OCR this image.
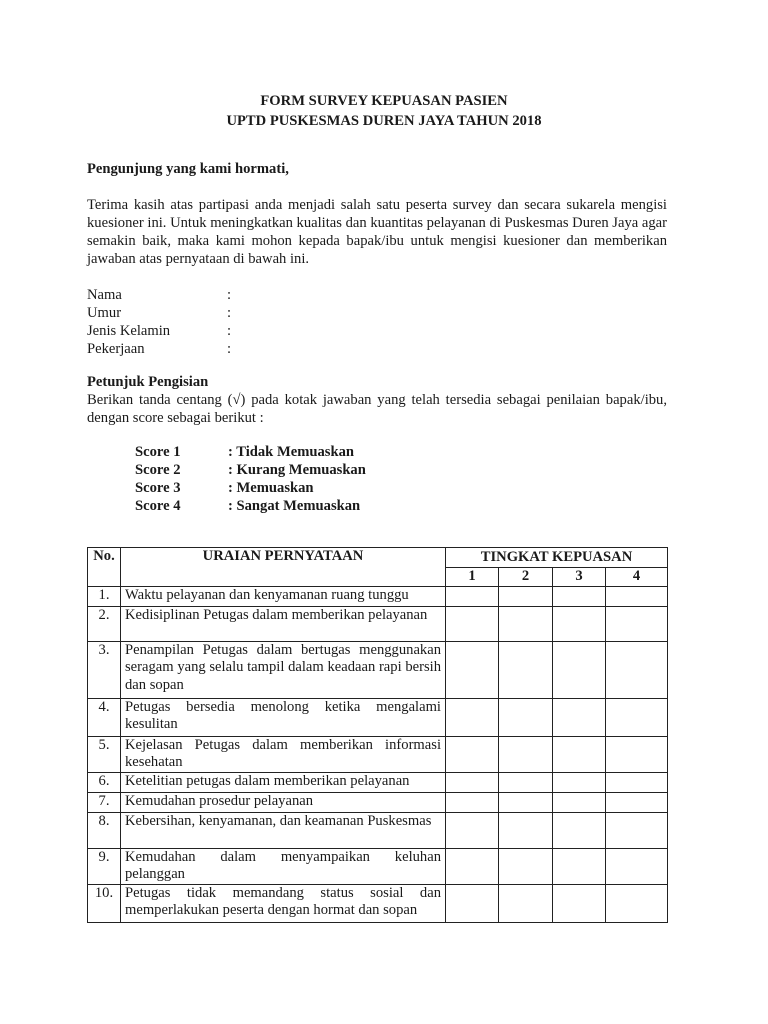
FORM SURVEY KEPUASAN PASIEN
UPTD PUSKESMAS DUREN JAYA TAHUN 2018
Pengunjung yang kami hormati,
Terima kasih atas partipasi anda menjadi salah satu peserta survey dan secara sukarela mengisi kuesioner ini. Untuk meningkatkan kualitas dan kuantitas pelayanan di Puskesmas Duren Jaya agar semakin baik, maka kami mohon kepada bapak/ibu untuk mengisi kuesioner dan memberikan jawaban atas pernyataan di bawah ini.
Nama	:
Umur	:
Jenis Kelamin	:
Pekerjaan	:
Petunjuk Pengisian
Berikan tanda centang (√) pada kotak jawaban yang telah tersedia sebagai penilaian bapak/ibu, dengan score sebagai berikut :
Score 1	: Tidak Memuaskan
Score 2	: Kurang Memuaskan
Score 3	: Memuaskan
Score 4	: Sangat Memuaskan
No.	URAIAN PERNYATAAN	TINGKAT KEPUASAN			
		1	2	3	4
1.	Waktu pelayanan dan kenyamanan ruang tunggu				
2.	Kedisiplinan Petugas dalam memberikan pelayanan				
3.	Penampilan Petugas dalam bertugas menggunakan seragam yang selalu tampil dalam keadaan rapi bersih dan sopan				
4.	Petugas bersedia menolong ketika mengalami kesulitan				
5.	Kejelasan Petugas dalam memberikan informasi kesehatan				
6.	Ketelitian petugas dalam memberikan pelayanan				
7.	Kemudahan prosedur pelayanan				
8.	Kebersihan, kenyamanan, dan keamanan Puskesmas				
9.	Kemudahan dalam menyampaikan keluhan pelanggan				
10.	Petugas tidak memandang status sosial dan memperlakukan peserta dengan hormat dan sopan				
